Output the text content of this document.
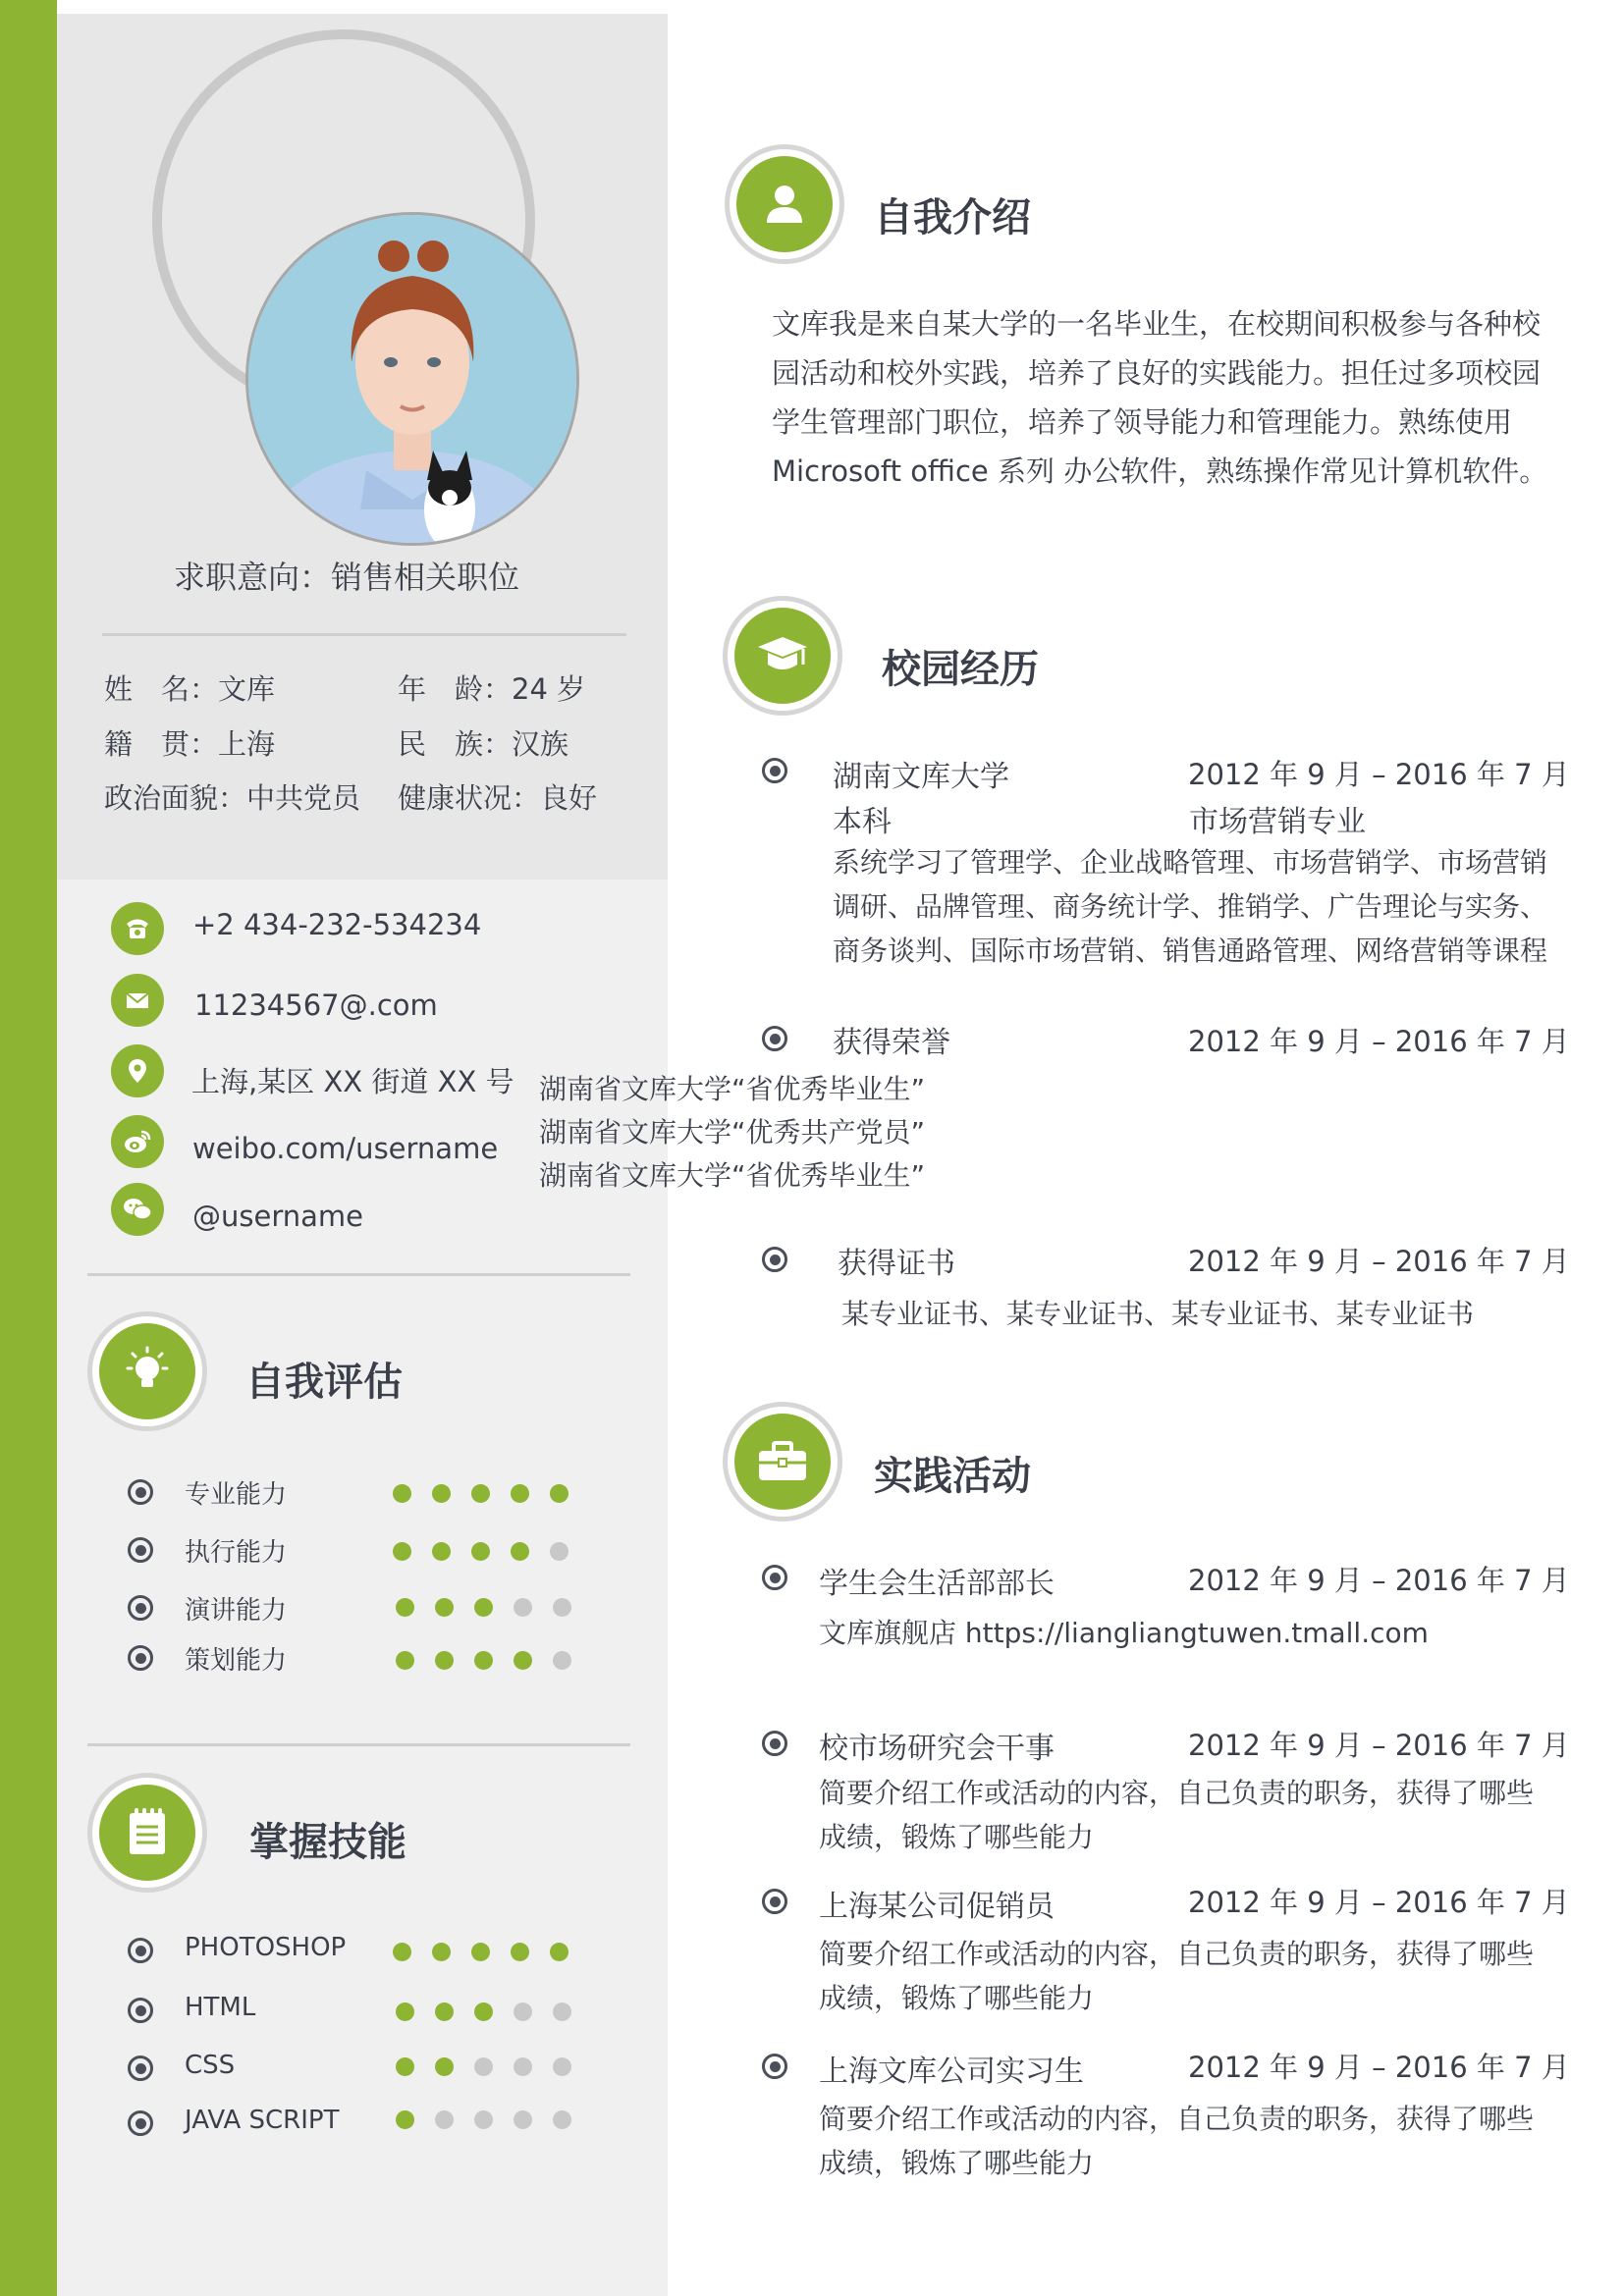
求职意向：销售相关职位
姓　名：文库	年　龄：24 岁
籍　贯：上海	民　族：汉族
政治面貌：中共党员 健康状况：良好
+2 434-232-534234
11234567@.com
上海,某区 XX 街道 XX 号
weibo.com/username
@username
自我评估
专业能力
执行能力
演讲能力
策划能力
掌握技能
PHOTOSHOP
HTML
CSS
JAVA SCRIPT
自我介绍
文库我是来自某大学的一名毕业生，在校期间积极参与各种校
园活动和校外实践，培养了良好的实践能力。担任过多项校园
学生管理部门职位，培养了领导能力和管理能力。熟练使用
Microsoft office 系列 办公软件，熟练操作常见计算机软件。
校园经历
湖南文库大学	2012 年 9 月 – 2016 年 7 月
本科	市场营销专业
系统学习了管理学、企业战略管理、市场营销学、市场营销
调研、品牌管理、商务统计学、推销学、广告理论与实务、
商务谈判、国际市场营销、销售通路管理、网络营销等课程
获得荣誉	2012 年 9 月 – 2016 年 7 月
湖南省文库大学“省优秀毕业生”
湖南省文库大学“优秀共产党员”
湖南省文库大学“省优秀毕业生”
获得证书	2012 年 9 月 – 2016 年 7 月
某专业证书、某专业证书、某专业证书、某专业证书
实践活动
学生会生活部部长	2012 年 9 月 – 2016 年 7 月
文库旗舰店 https://liangliangtuwen.tmall.com
校市场研究会干事	2012 年 9 月 – 2016 年 7 月
简要介绍工作或活动的内容，自己负责的职务，获得了哪些
成绩，锻炼了哪些能力
上海某公司促销员	2012 年 9 月 – 2016 年 7 月
简要介绍工作或活动的内容，自己负责的职务，获得了哪些
成绩，锻炼了哪些能力
上海文库公司实习生	2012 年 9 月 – 2016 年 7 月
简要介绍工作或活动的内容，自己负责的职务，获得了哪些
成绩，锻炼了哪些能力
